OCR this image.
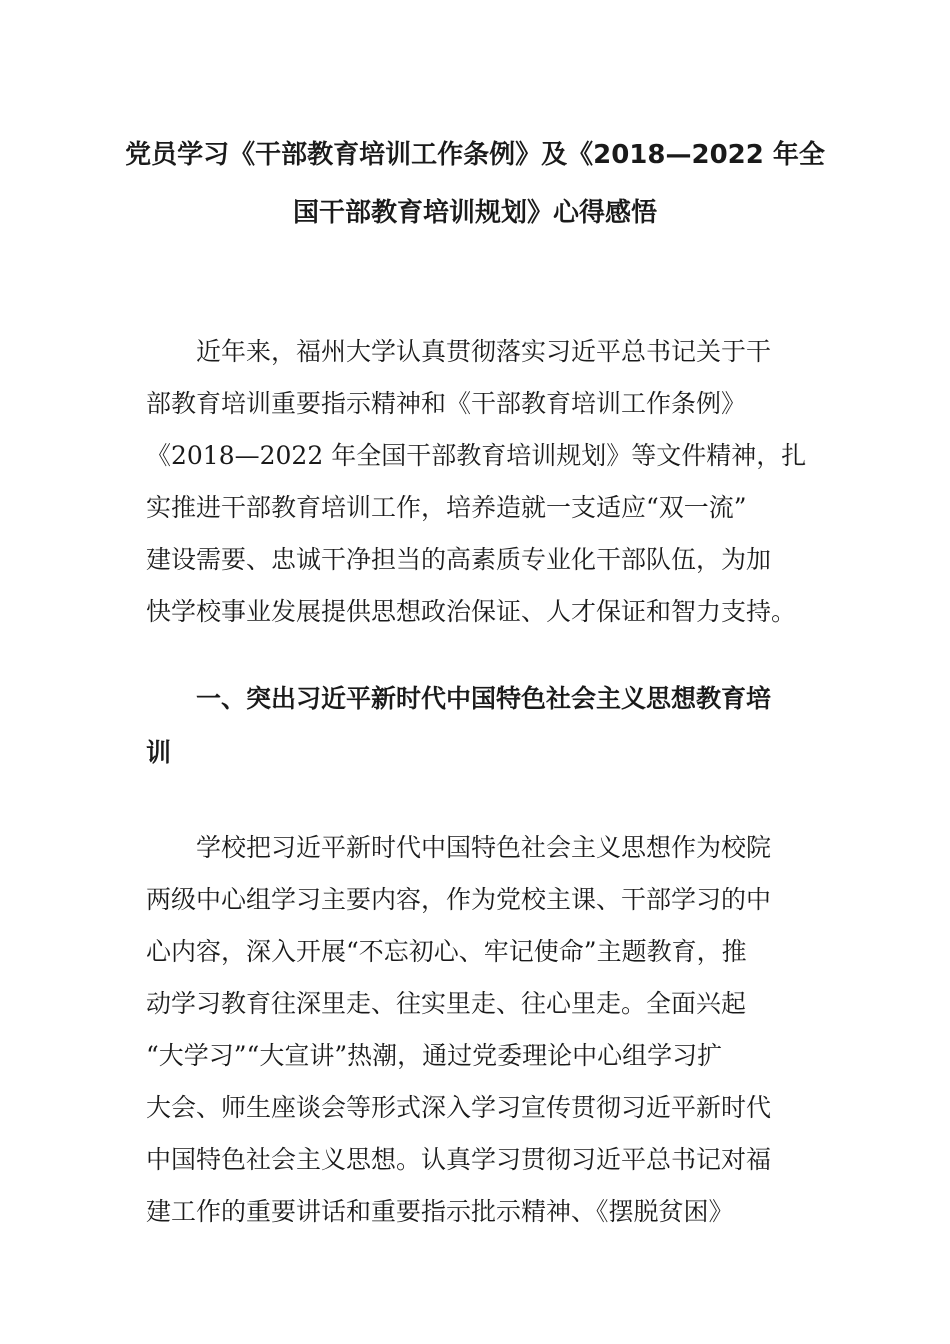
党员学习《干部教育培训工作条例》及《2018—2022 年全
国干部教育培训规划》心得感悟

近年来，福州大学认真贯彻落实习近平总书记关于干
部教育培训重要指示精神和《干部教育培训工作条例》
《2018—2022 年全国干部教育培训规划》等文件精神，扎
实推进干部教育培训工作，培养造就一支适应“双一流”
建设需要、忠诚干净担当的高素质专业化干部队伍，为加
快学校事业发展提供思想政治保证、人才保证和智力支持。

一、突出习近平新时代中国特色社会主义思想教育培
训

学校把习近平新时代中国特色社会主义思想作为校院
两级中心组学习主要内容，作为党校主课、干部学习的中
心内容，深入开展“不忘初心、牢记使命”主题教育，推
动学习教育往深里走、往实里走、往心里走。全面兴起
“大学习”“大宣讲”热潮，通过党委理论中心组学习扩
大会、师生座谈会等形式深入学习宣传贯彻习近平新时代
中国特色社会主义思想。认真学习贯彻习近平总书记对福
建工作的重要讲话和重要指示批示精神、《摆脱贫困》
